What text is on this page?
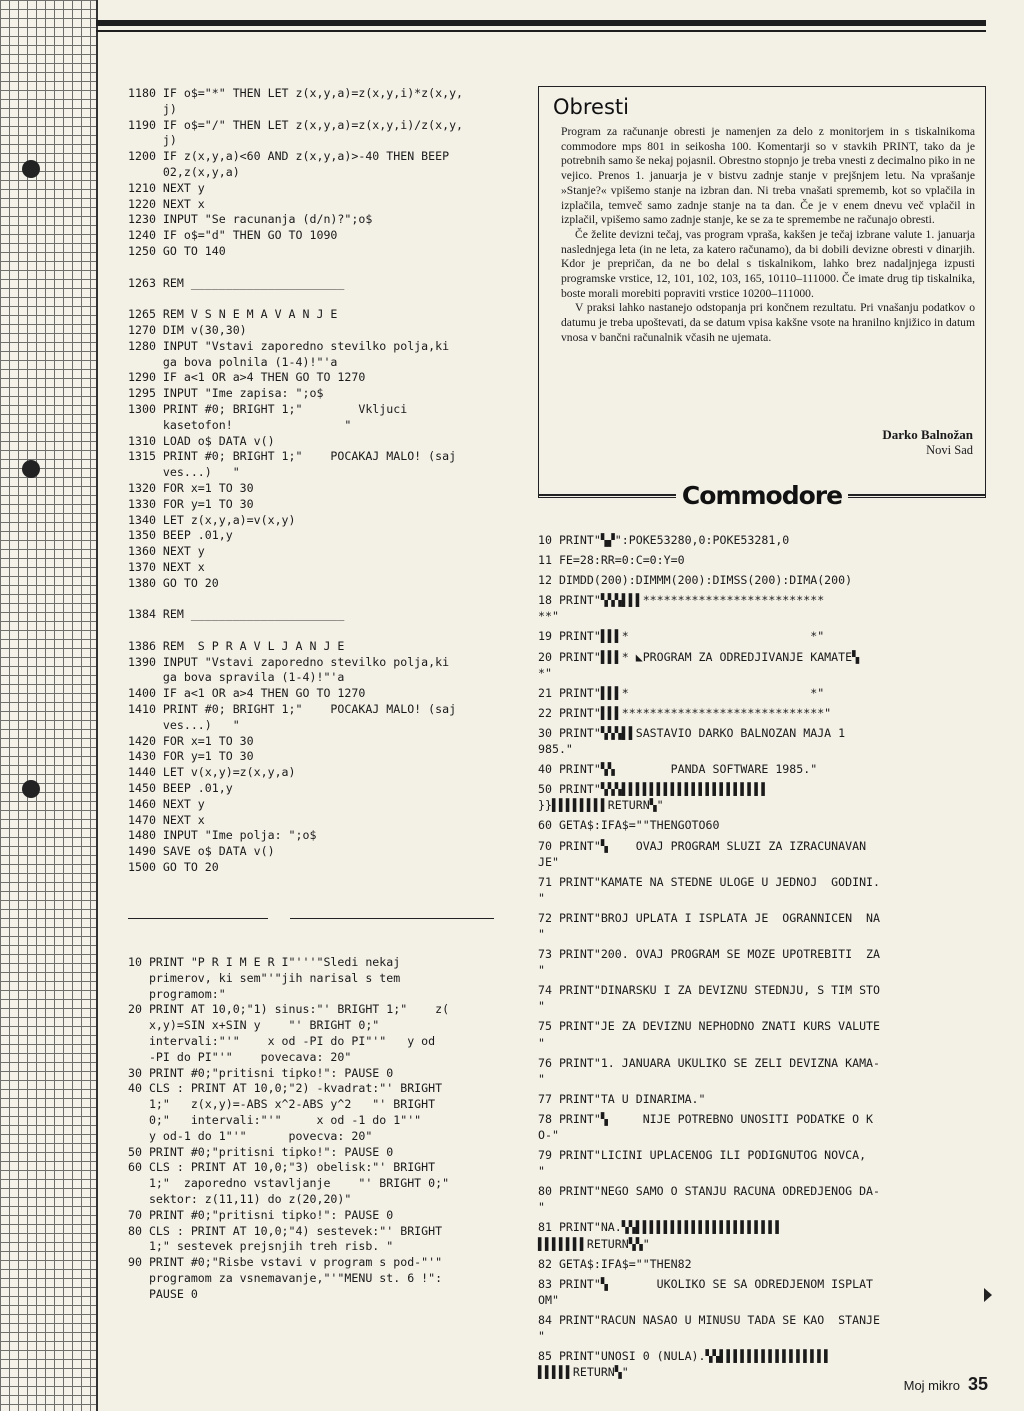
1180 IF o$="*" THEN LET z(x,y,a)=z(x,y,i)*z(x,y,
j)
1190 IF o$="/" THEN LET z(x,y,a)=z(x,y,i)/z(x,y,
j)
1200 IF z(x,y,a)<60 AND z(x,y,a)>-40 THEN BEEP
02,z(x,y,a)
1210 NEXT y
1220 NEXT x
1230 INPUT "Se racunanja (d/n)?";o$
1240 IF o$="d" THEN GO TO 1090
1250 GO TO 140

1263 REM ______________________

1265 REM V S N E M A V A N J E
1270 DIM v(30,30)
1280 INPUT "Vstavi zaporedno stevilko polja,ki
ga bova polnila (1-4)!"'a
1290 IF a<1 OR a>4 THEN GO TO 1270
1295 INPUT "Ime zapisa: ";o$
1300 PRINT #0; BRIGHT 1;"        Vkljuci
kasetofon!                "
1310 LOAD o$ DATA v()
1315 PRINT #0; BRIGHT 1;"    POCAKAJ MALO! (saj
ves...)   "
1320 FOR x=1 TO 30
1330 FOR y=1 TO 30
1340 LET z(x,y,a)=v(x,y)
1350 BEEP .01,y
1360 NEXT y
1370 NEXT x
1380 GO TO 20

1384 REM ______________________

1386 REM  S P R A V L J A N J E
1390 INPUT "Vstavi zaporedno stevilko polja,ki
ga bova spravila (1-4)!"'a
1400 IF a<1 OR a>4 THEN GO TO 1270
1410 PRINT #0; BRIGHT 1;"    POCAKAJ MALO! (saj
ves...)   "
1420 FOR x=1 TO 30
1430 FOR y=1 TO 30
1440 LET v(x,y)=z(x,y,a)
1450 BEEP .01,y
1460 NEXT y
1470 NEXT x
1480 INPUT "Ime polja: ";o$
1490 SAVE o$ DATA v()
1500 GO TO 20
10 PRINT "P R I M E R I"'''"Sledi nekaj
primerov, ki sem"'"jih narisal s tem
programom:"
20 PRINT AT 10,0;"1) sinus:"' BRIGHT 1;"    z(
x,y)=SIN x+SIN y    "' BRIGHT 0;"
intervali:"'"    x od -PI do PI"'"   y od
-PI do PI"'"    povecava: 20"
30 PRINT #0;"pritisni tipko!": PAUSE 0
40 CLS : PRINT AT 10,0;"2) -kvadrat:"' BRIGHT
1;"   z(x,y)=-ABS x^2-ABS y^2   "' BRIGHT
0;"   intervali:"'"     x od -1 do 1"'"
y od-1 do 1"'"      povecva: 20"
50 PRINT #0;"pritisni tipko!": PAUSE 0
60 CLS : PRINT AT 10,0;"3) obelisk:"' BRIGHT
1;"  zaporedno vstavljanje    "' BRIGHT 0;"
sektor: z(11,11) do z(20,20)"
70 PRINT #0;"pritisni tipko!": PAUSE 0
80 CLS : PRINT AT 10,0;"4) sestevek:"' BRIGHT
1;" sestevek prejsnjih treh risb. "
90 PRINT #0;"Risbe vstavi v program s pod-"'"
programom za vsnemavanje,"'"MENU st. 6 !":
PAUSE 0
Obresti

Program za računanje obresti je namenjen za delo z monitorjem in s tiskalnikoma commodore mps 801 in seikosha 100. Komentarji so v stavkih PRINT, tako da je potrebnih samo še nekaj pojasnil. Obrestno stopnjo je treba vnesti z decimalno piko in ne vejico. Prenos 1. januarja je v bistvu zadnje stanje v prejšnjem letu. Na vprašanje »Stanje?« vpišemo stanje na izbran dan. Ni treba vnašati sprememb, kot so vplačila in izplačila, temveč samo zadnje stanje na ta dan. Če je v enem dnevu več vplačil in izplačil, vpišemo samo zadnje stanje, ke se za te spremembe ne računajo obresti.

Če želite devizni tečaj, vas program vpraša, kakšen je tečaj izbrane valute 1. januarja naslednjega leta (in ne leta, za katero računamo), da bi dobili devizne obresti v dinarjih. Kdor je prepričan, da ne bo delal s tiskalnikom, lahko brez nadaljnjega izpusti programske vrstice, 12, 101, 102, 103, 165, 10110–111000. Če imate drug tip tiskalnika, boste morali morebiti popraviti vrstice 10200–111000.

V praksi lahko nastanejo odstopanja pri končnem rezultatu. Pri vnašanju podatkov o datumu je treba upoštevati, da se datum vpisa kakšne vsote na hranilno knjižico in datum vnosa v bančni računalnik včasih ne ujemata.

Darko Balnožan
Novi Sad
Commodore
10 PRINT"▚▞":POKE53280,0:POKE53281,0
11 FE=28:RR=0:C=0:Y=0
12 DIMDD(200):DIMMM(200):DIMSS(200):DIMA(200)
18 PRINT"▚▚▚▌▌▌**************************
**"
19 PRINT"▌▌▌*                          *"
20 PRINT"▌▌▌* ◣PROGRAM ZA ODREDJIVANJE KAMATE▚
*"
21 PRINT"▌▌▌*                          *"
22 PRINT"▌▌▌*****************************"
30 PRINT"▚▚▚▌▌SASTAVIO DARKO BALNOZAN MAJA 1
985."
40 PRINT"▚▚        PANDA SOFTWARE 1985."
50 PRINT"▚▚▚▌▌▌▌▌▌▌▌▌▌▌▌▌▌▌▌▌▌▌▌▌
}}▌▌▌▌▌▌▌▌RETURN▚"
60 GETA$:IFA$=""THENGOTO60
70 PRINT"▚    OVAJ PROGRAM SLUZI ZA IZRACUNAVAN
JE"
71 PRINT"KAMATE NA STEDNE ULOGE U JEDNOJ  GODINI.
"
72 PRINT"BROJ UPLATA I ISPLATA JE  OGRANNICEN  NA
"
73 PRINT"200. OVAJ PROGRAM SE MOZE UPOTREBITI  ZA
"
74 PRINT"DINARSKU I ZA DEVIZNU STEDNJU, S TIM STO
"
75 PRINT"JE ZA DEVIZNU NEPHODNO ZNATI KURS VALUTE
"
76 PRINT"1. JANUARA UKULIKO SE ZELI DEVIZNA KAMA-
"
77 PRINT"TA U DINARIMA."
78 PRINT"▚     NIJE POTREBNO UNOSITI PODATKE O K
O-"
79 PRINT"LICINI UPLACENOG ILI PODIGNUTOG NOVCA,
"
80 PRINT"NEGO SAMO O STANJU RACUNA ODREDJENOG DA-
"
81 PRINT"NA.▚▚▌▌▌▌▌▌▌▌▌▌▌▌▌▌▌▌▌▌▌▌▌
▌▌▌▌▌▌▌RETURN▚▚"
82 GETA$:IFA$=""THEN82
83 PRINT"▚       UKOLIKO SE SA ODREDJENOM ISPLAT
OM"
84 PRINT"RACUN NASAO U MINUSU TADA SE KAO  STANJE
"
85 PRINT"UNOSI 0 (NULA).▚▚▌▌▌▌▌▌▌▌▌▌▌▌▌▌▌▌
▌▌▌▌▌RETURN▚"
Moj mikro 35
